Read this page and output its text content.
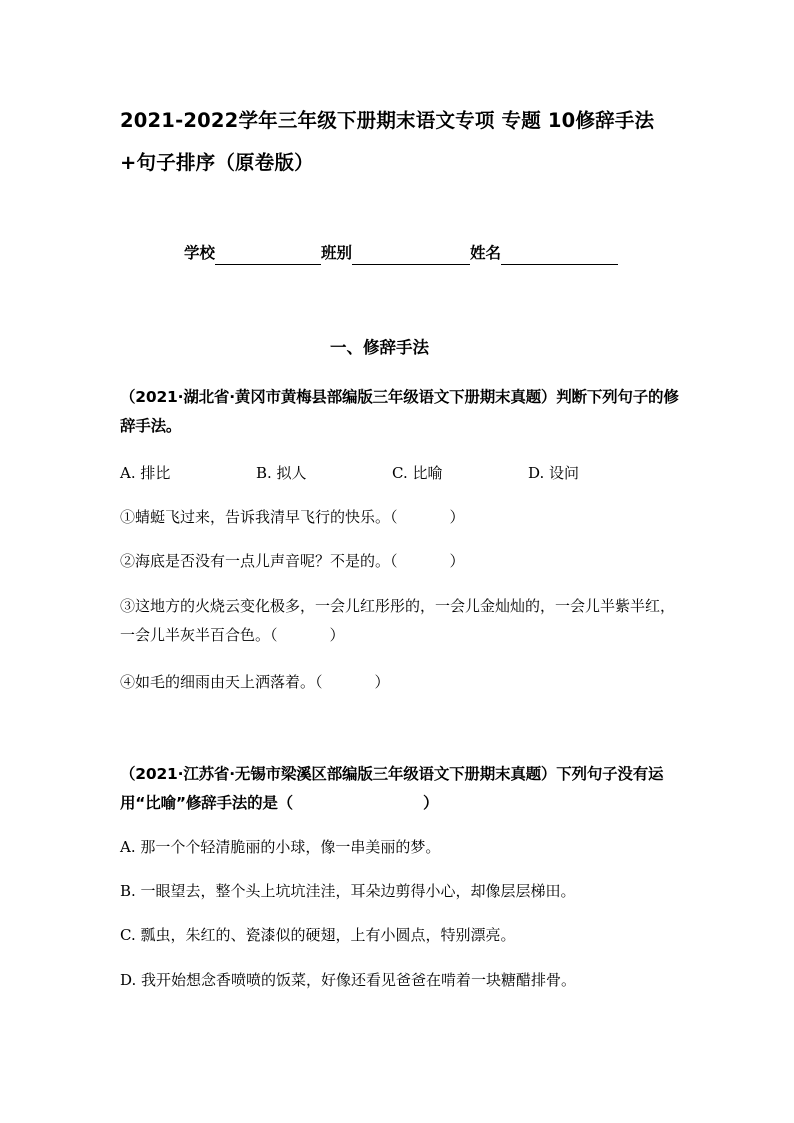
2021-2022学年三年级下册期末语文专项 专题 10修辞手法+句子排序（原卷版）
学校	班别	姓名
一、修辞手法
（2021·湖北省·黄冈市黄梅县部编版三年级语文下册期末真题）判断下列句子的修辞手法。
A. 排比	B. 拟人	C. 比喻	D. 设问
①蜻蜓飞过来，告诉我清早飞行的快乐。（	）
②海底是否没有一点儿声音呢？不是的。（	）
③这地方的火烧云变化极多，一会儿红彤彤的，一会儿金灿灿的，一会儿半紫半红，一会儿半灰半百合色。（	）
④如毛的细雨由天上洒落着。（	）
（2021·江苏省·无锡市梁溪区部编版三年级语文下册期末真题）下列句子没有运用“比喻”修辞手法的是（	）
A. 那一个个轻清脆丽的小球，像一串美丽的梦。
B. 一眼望去，整个头上坑坑洼洼，耳朵边剪得小心，却像层层梯田。
C. 瓢虫，朱红的、瓷漆似的硬翅，上有小圆点，特别漂亮。
D. 我开始想念香喷喷的饭菜，好像还看见爸爸在啃着一块糖醋排骨。
